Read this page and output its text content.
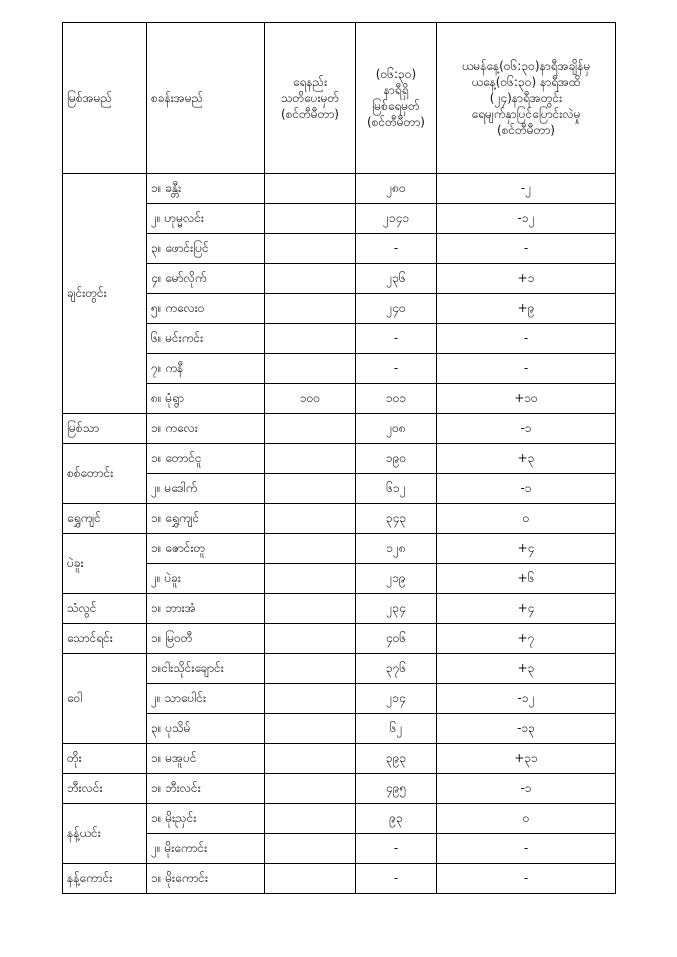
မြစ်အမည်	စခန်းအမည်	ရေနည်း
သတိပေးမှတ်
(စင်တီမီတာ)	(၀၆:၃၀)
နာရီရှိ
မြစ်ရေမှတ်
(စင်တီမီတာ)	ယမန်နေ့(၀၆:၃၀)နာရီအချိန်မှ
ယနေ့(၀၆:၃၀) နာရီအထိ
(၂၄)နာရီအတွင်း
ရေမျက်နှာပြင်ပြောင်းလဲမှု
(စင်တီမီတာ)
ချင်းတွင်း	၁။ ခန္တီး		၂၈၀	-၂
	၂။ ဟုမ္မလင်း		၂၁၄၁	-၁၂
	၃။ ဖောင်းပြင်		-	-
	၄။ မော်လိုက်		၂၃၆	+၁
	၅။ ကလေးဝ		၂၄၀	+၉
	၆။ မင်းကင်း		-	-
	၇။ ကနီ		-	-
	၈။ မုံရွာ	၁၀၀	၁၀၁	+၁၀
မြစ်သာ	၁။ ကလေး		၂၀၈	-၁
စစ်တောင်း	၁။ တောင်ငူ		၁၉၀	+၃
	၂။ မဒေါက်		၆၁၂	-၁
ရွှေကျင်	၁။ ရွှေကျင်		၃၄၃	၀
ပဲခူး	၁။ ဇောင်းတူ		၁၂၈	+၄
	၂။ ပဲခူး		၂၁၉	+၆
သံလွင်	၁။ ဘားအံ		၂၃၄	+၄
သောင်ရင်း	၁။ မြဝတီ		၄၀၆	+၇
ဝေါ	၁။ငါးသိုင်းချောင်း		၃၇၆	+၃
	၂။ သာပေါင်း		၂၁၄	-၁၂
	၃။ ပုသိမ်		၆၂	-၁၃
တိုး	၁။ မအူပင်		၃၉၃	+၃၁
ဘီးလင်း	၁။ ဘီးလင်း		၄၉၅	-၁
နန့်ယင်း	၁။ မိုးညှင်း		၉၃	၀
	၂။ မိုးကောင်း		-	-
နန့်ကောင်း	၁။ မိုးကောင်း		-	-
